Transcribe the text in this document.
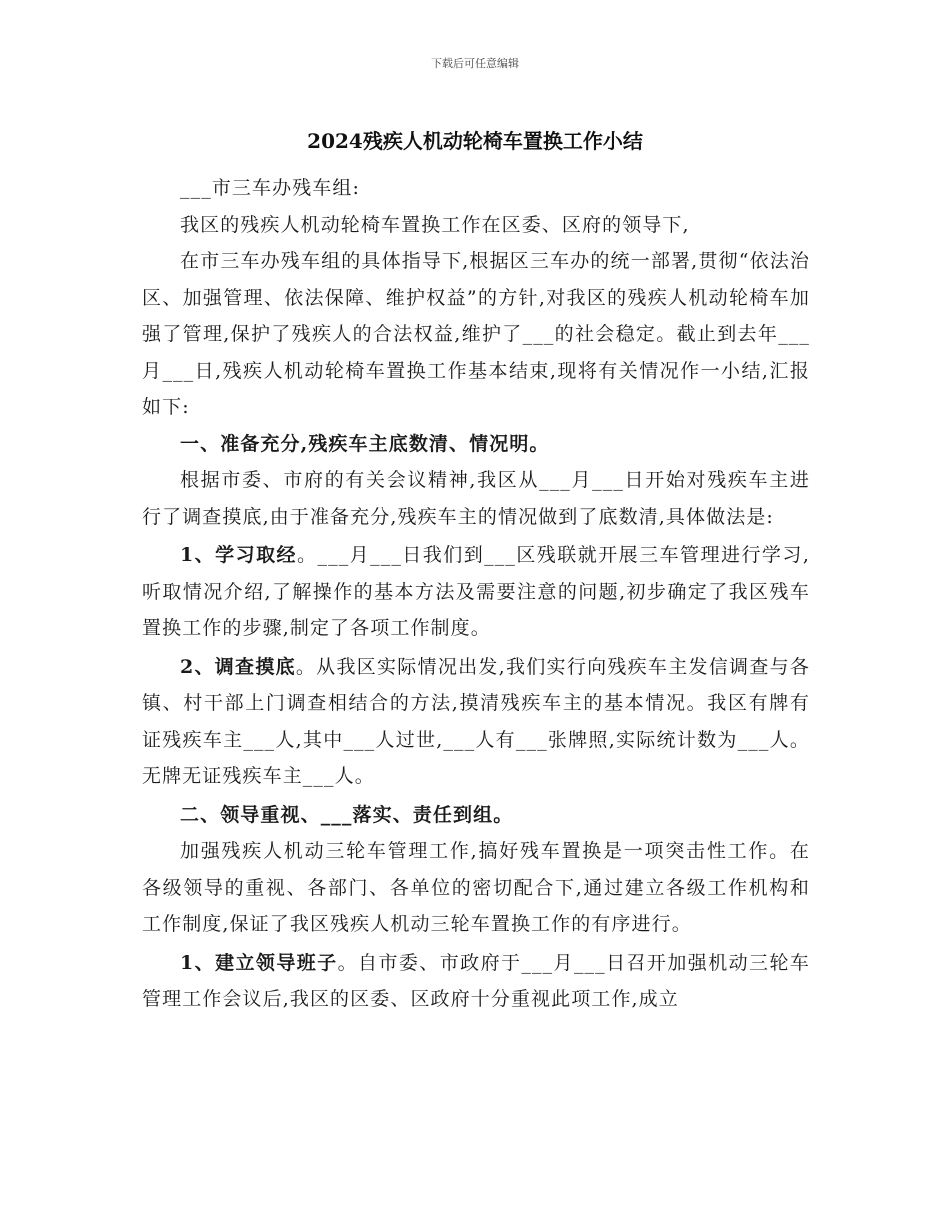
下载后可任意编辑
2024残疾人机动轮椅车置换工作小结

___市三车办残车组:

我区的残疾人机动轮椅车置换工作在区委、区府的领导下,

在市三车办残车组的具体指导下,根据区三车办的统一部署,贯彻“依法治区、加强管理、依法保障、维护权益”的方针,对我区的残疾人机动轮椅车加强了管理,保护了残疾人的合法权益,维护了___的社会稳定。截止到去年___月___日,残疾人机动轮椅车置换工作基本结束,现将有关情况作一小结,汇报如下:

一、准备充分,残疾车主底数清、情况明。

根据市委、市府的有关会议精神,我区从___月___日开始对残疾车主进行了调查摸底,由于准备充分,残疾车主的情况做到了底数清,具体做法是:

1、学习取经。___月___日我们到___区残联就开展三车管理进行学习,听取情况介绍,了解操作的基本方法及需要注意的问题,初步确定了我区残车置换工作的步骤,制定了各项工作制度。

2、调查摸底。从我区实际情况出发,我们实行向残疾车主发信调查与各镇、村干部上门调查相结合的方法,摸清残疾车主的基本情况。我区有牌有证残疾车主___人,其中___人过世,___人有___张牌照,实际统计数为___人。无牌无证残疾车主___人。

二、领导重视、___落实、责任到组。

加强残疾人机动三轮车管理工作,搞好残车置换是一项突击性工作。在各级领导的重视、各部门、各单位的密切配合下,通过建立各级工作机构和工作制度,保证了我区残疾人机动三轮车置换工作的有序进行。

1、建立领导班子。自市委、市政府于___月___日召开加强机动三轮车管理工作会议后,我区的区委、区政府十分重视此项工作,成立
